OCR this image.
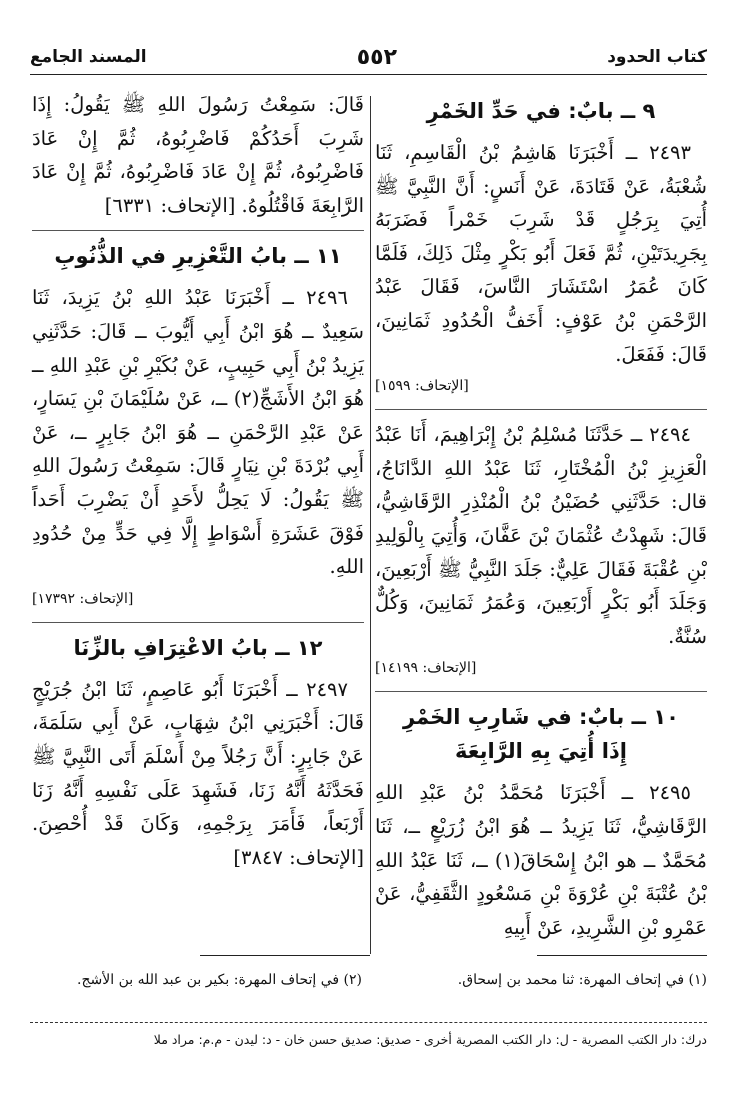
كتاب الحدود
٥٥٢
المسند الجامع
٩ ــ بابٌ: في حَدِّ الخَمْرِ

٢٤٩٣ ــ أَخْبَرَنَا هَاشِمُ بْنُ الْقَاسِمِ، ثَنَا شُعْبَةُ، عَنْ قَتَادَةَ، عَنْ أَنَسٍ: أَنَّ النَّبِيَّ ﷺ أُتِيَ بِرَجُلٍ قَدْ شَرِبَ خَمْراً فَضَرَبَهُ بِجَرِيدَتَيْنِ، ثُمَّ فَعَلَ أَبُو بَكْرٍ مِثْلَ ذَلِكَ، فَلَمَّا كَانَ عُمَرُ اسْتَشَارَ النَّاسَ، فَقَالَ عَبْدُ الرَّحْمَنِ بْنُ عَوْفٍ: أَخَفُّ الْحُدُودِ ثَمَانِينَ، قَالَ: فَفَعَلَ.

[الإتحاف: ١٥٩٩]

٢٤٩٤ ــ حَدَّثَنَا مُسْلِمُ بْنُ إِبْرَاهِيمَ، أَنَا عَبْدُ الْعَزِيزِ بْنُ الْمُخْتَارِ، ثَنَا عَبْدُ اللهِ الدَّانَاجُ، قال: حَدَّثَنِي حُضَيْنُ بْنُ الْمُنْذِرِ الرَّقَاشِيُّ، قَالَ: شَهِدْتُ عُثْمَانَ بْنَ عَفَّانَ، وَأُتِيَ بِالْوَلِيدِ بْنِ عُقْبَةَ فَقَالَ عَلِيٌّ: جَلَدَ النَّبِيُّ ﷺ أَرْبَعِينَ، وَجَلَدَ أَبُو بَكْرٍ أَرْبَعِينَ، وَعُمَرُ ثَمَانِينَ، وَكُلٌّ سُنَّةٌ.

[الإتحاف: ١٤١٩٩]

١٠ ــ بابٌ: في شَارِبِ الخَمْرِ
إِذَا أُتِيَ بِهِ الرَّابِعَةَ

٢٤٩٥ ــ أَخْبَرَنَا مُحَمَّدُ بْنُ عَبْدِ اللهِ الرَّقَاشِيُّ، ثَنَا يَزِيدُ ــ هُوَ ابْنُ زُرَيْعٍ ــ، ثَنَا مُحَمَّدٌ ــ هو ابْنُ إِسْحَاقَ(١) ــ، ثَنَا عَبْدُ اللهِ بْنُ عُتْبَةَ بْنِ عُرْوَةَ بْنِ مَسْعُودٍ الثَّقَفِيُّ، عَنْ عَمْرِو بْنِ الشَّرِيدِ، عَنْ أَبِيهِ

قَالَ: سَمِعْتُ رَسُولَ اللهِ ﷺ يَقُولُ: إِذَا شَرِبَ أَحَدُكُمْ فَاضْرِبُوهُ، ثُمَّ إِنْ عَادَ فَاضْرِبُوهُ، ثُمَّ إِنْ عَادَ فَاضْرِبُوهُ، ثُمَّ إِنْ عَادَ الرَّابِعَةَ فَاقْتُلُوهُ. [الإتحاف: ٦٣٣١]

١١ ــ بابُ التَّعْزِيرِ في الذُّنُوبِ

٢٤٩٦ ــ أَخْبَرَنَا عَبْدُ اللهِ بْنُ يَزِيدَ، ثَنَا سَعِيدٌ ــ هُوَ ابْنُ أَبِي أَيُّوبَ ــ قَالَ: حَدَّثَنِي يَزِيدُ بْنُ أَبِي حَبِيبٍ، عَنْ بُكَيْرِ بْنِ عَبْدِ اللهِ ــ هُوَ ابْنُ الأَشَجِّ(٢) ــ، عَنْ سُلَيْمَانَ بْنِ يَسَارٍ، عَنْ عَبْدِ الرَّحْمَنِ ــ هُوَ ابْنُ جَابِرٍ ــ، عَنْ أَبِي بُرْدَةَ بْنِ نِيَارٍ قَالَ: سَمِعْتُ رَسُولَ اللهِ ﷺ يَقُولُ: لَا يَحِلُّ لأَحَدٍ أَنْ يَضْرِبَ أَحَداً فَوْقَ عَشَرَةِ أَسْوَاطٍ إِلَّا فِي حَدٍّ مِنْ حُدُودِ اللهِ.

[الإتحاف: ١٧٣٩٢]

١٢ ــ بابُ الاعْتِرَافِ بالزِّنَا

٢٤٩٧ ــ أَخْبَرَنَا أَبُو عَاصِمٍ، ثَنَا ابْنُ جُرَيْجٍ قَالَ: أَخْبَرَنِي ابْنُ شِهَابٍ، عَنْ أَبِي سَلَمَةَ، عَنْ جَابِرٍ: أَنَّ رَجُلاً مِنْ أَسْلَمَ أَتَى النَّبِيَّ ﷺ فَحَدَّثَهُ أَنَّهُ زَنَا، فَشَهِدَ عَلَى نَفْسِهِ أَنَّهُ زَنَا أَرْبَعاً، فَأَمَرَ بِرَجْمِهِ، وَكَانَ قَدْ أُحْصِنَ. [الإتحاف: ٣٨٤٧]

(١) في إتحاف المهرة: ثنا محمد بن إسحاق.
(٢) في إتحاف المهرة: بكير بن عبد الله بن الأشج.
درك: دار الكتب المصرية - ل: دار الكتب المصرية أخرى - صديق: صديق حسن خان - د: ليدن - م.م: مراد ملا
